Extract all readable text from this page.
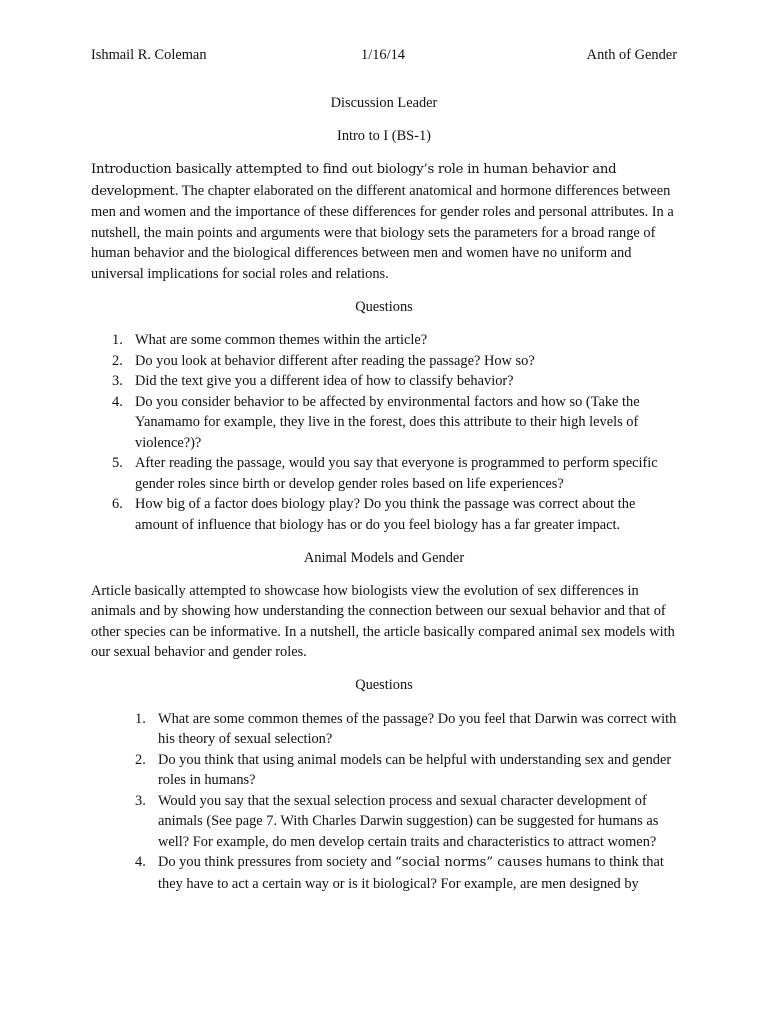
Ishmail R. Coleman	1/16/14	Anth of Gender

Discussion Leader

Intro to I (BS-1)

Introduction basically attempted to find out biology’s role in human behavior and development. The chapter elaborated on the different anatomical and hormone differences between men and women and the importance of these differences for gender roles and personal attributes. In a nutshell, the main points and arguments were that biology sets the parameters for a broad range of human behavior and the biological differences between men and women have no uniform and universal implications for social roles and relations.

Questions

1. What are some common themes within the article?
2. Do you look at behavior different after reading the passage? How so?
3. Did the text give you a different idea of how to classify behavior?
4. Do you consider behavior to be affected by environmental factors and how so (Take the Yanamamo for example, they live in the forest, does this attribute to their high levels of violence?)?
5. After reading the passage, would you say that everyone is programmed to perform specific gender roles since birth or develop gender roles based on life experiences?
6. How big of a factor does biology play? Do you think the passage was correct about the amount of influence that biology has or do you feel biology has a far greater impact.

Animal Models and Gender

Article basically attempted to showcase how biologists view the evolution of sex differences in animals and by showing how understanding the connection between our sexual behavior and that of other species can be informative. In a nutshell, the article basically compared animal sex models with our sexual behavior and gender roles.

Questions

1. What are some common themes of the passage? Do you feel that Darwin was correct with his theory of sexual selection?
2. Do you think that using animal models can be helpful with understanding sex and gender roles in humans?
3. Would you say that the sexual selection process and sexual character development of animals (See page 7. With Charles Darwin suggestion) can be suggested for humans as well? For example, do men develop certain traits and characteristics to attract women?
4. Do you think pressures from society and “social norms” causes humans to think that they have to act a certain way or is it biological? For example, are men designed by
